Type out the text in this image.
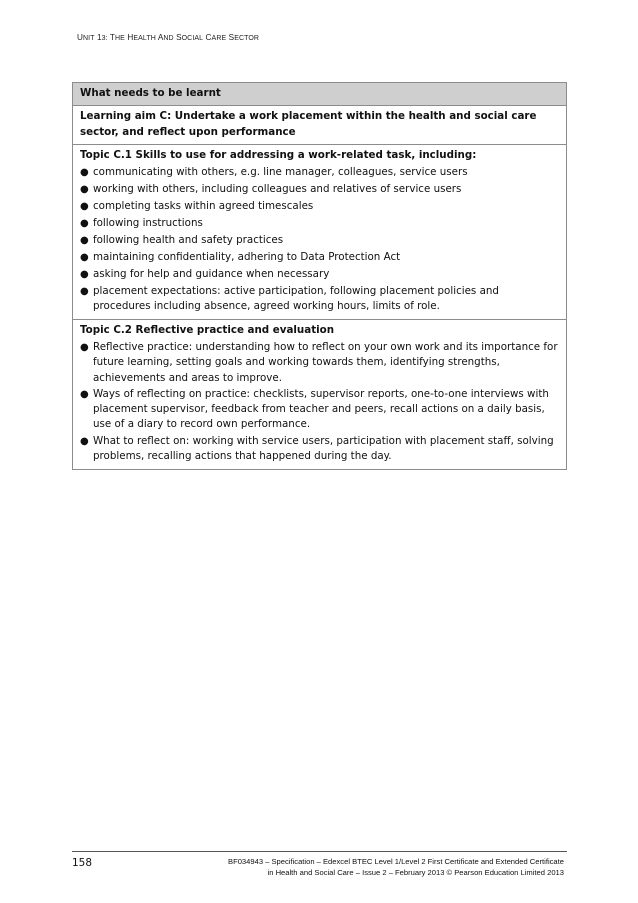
UNIT 13: THE HEALTH AND SOCIAL CARE SECTOR
What needs to be learnt
Learning aim C: Undertake a work placement within the health and social care sector, and reflect upon performance

Topic C.1 Skills to use for addressing a work-related task, including:

● communicating with others, e.g. line manager, colleagues, service users
● working with others, including colleagues and relatives of service users
● completing tasks within agreed timescales
● following instructions
● following health and safety practices
● maintaining confidentiality, adhering to Data Protection Act
● asking for help and guidance when necessary
● placement expectations: active participation, following placement policies and procedures including absence, agreed working hours, limits of role.

Topic C.2 Reflective practice and evaluation

● Reflective practice: understanding how to reflect on your own work and its importance for future learning, setting goals and working towards them, identifying strengths, achievements and areas to improve.
● Ways of reflecting on practice: checklists, supervisor reports, one-to-one interviews with placement supervisor, feedback from teacher and peers, recall actions on a daily basis, use of a diary to record own performance.
● What to reflect on: working with service users, participation with placement staff, solving problems, recalling actions that happened during the day.
158	BF034943 – Specification – Edexcel BTEC Level 1/Level 2 First Certificate and Extended Certificate
in Health and Social Care – Issue 2 – February 2013 © Pearson Education Limited 2013
